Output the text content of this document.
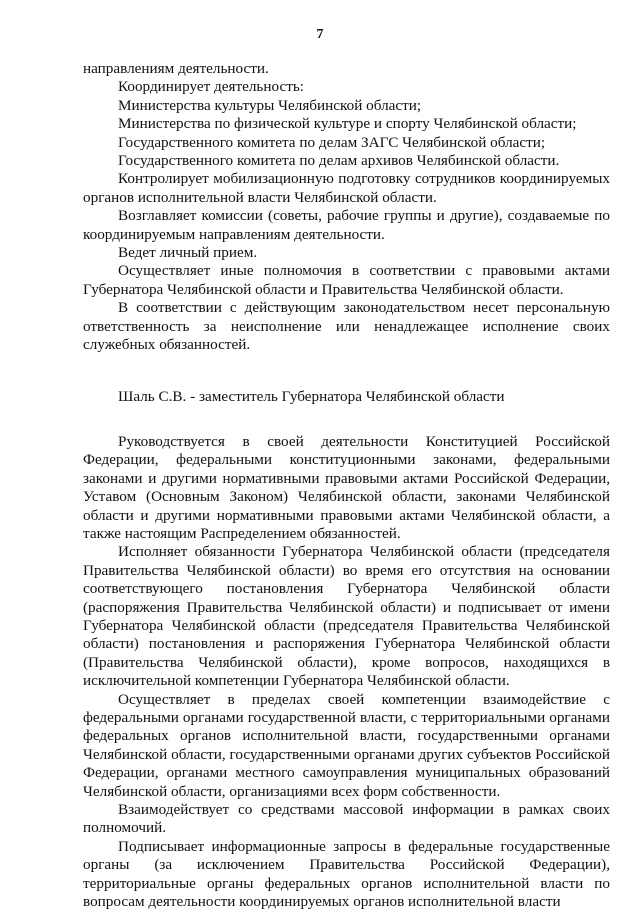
7

направлениям деятельности.

Координирует деятельность:

Министерства культуры Челябинской области;

Министерства по физической культуре и спорту Челябинской области;

Государственного комитета по делам ЗАГС Челябинской области;

Государственного комитета по делам архивов Челябинской области.

Контролирует мобилизационную подготовку сотрудников координируемых органов исполнительной власти Челябинской области.

Возглавляет комиссии (советы, рабочие группы и другие), создаваемые по координируемым направлениям деятельности.

Ведет личный прием.

Осуществляет иные полномочия в соответствии с правовыми актами Губернатора Челябинской области и Правительства Челябинской области.

В соответствии с действующим законодательством несет персональную ответственность за неисполнение или ненадлежащее исполнение своих служебных обязанностей.

Шаль С.В. - заместитель Губернатора Челябинской области

Руководствуется в своей деятельности Конституцией Российской Федерации, федеральными конституционными законами, федеральными законами и другими нормативными правовыми актами Российской Федерации, Уставом (Основным Законом) Челябинской области, законами Челябинской области и другими нормативными правовыми актами Челябинской области, а также настоящим Распределением обязанностей.

Исполняет обязанности Губернатора Челябинской области (председателя Правительства Челябинской области) во время его отсутствия на основании соответствующего постановления Губернатора Челябинской области (распоряжения Правительства Челябинской области) и подписывает от имени Губернатора Челябинской области (председателя Правительства Челябинской области) постановления и распоряжения Губернатора Челябинской области (Правительства Челябинской области), кроме вопросов, находящихся в исключительной компетенции Губернатора Челябинской области.

Осуществляет в пределах своей компетенции взаимодействие с федеральными органами государственной власти, с территориальными органами федеральных органов исполнительной власти, государственными органами Челябинской области, государственными органами других субъектов Российской Федерации, органами местного самоуправления муниципальных образований Челябинской области, организациями всех форм собственности.

Взаимодействует со средствами массовой информации в рамках своих полномочий.

Подписывает информационные запросы в федеральные государственные органы (за исключением Правительства Российской Федерации), территориальные органы федеральных органов исполнительной власти по вопросам деятельности координируемых органов исполнительной власти
